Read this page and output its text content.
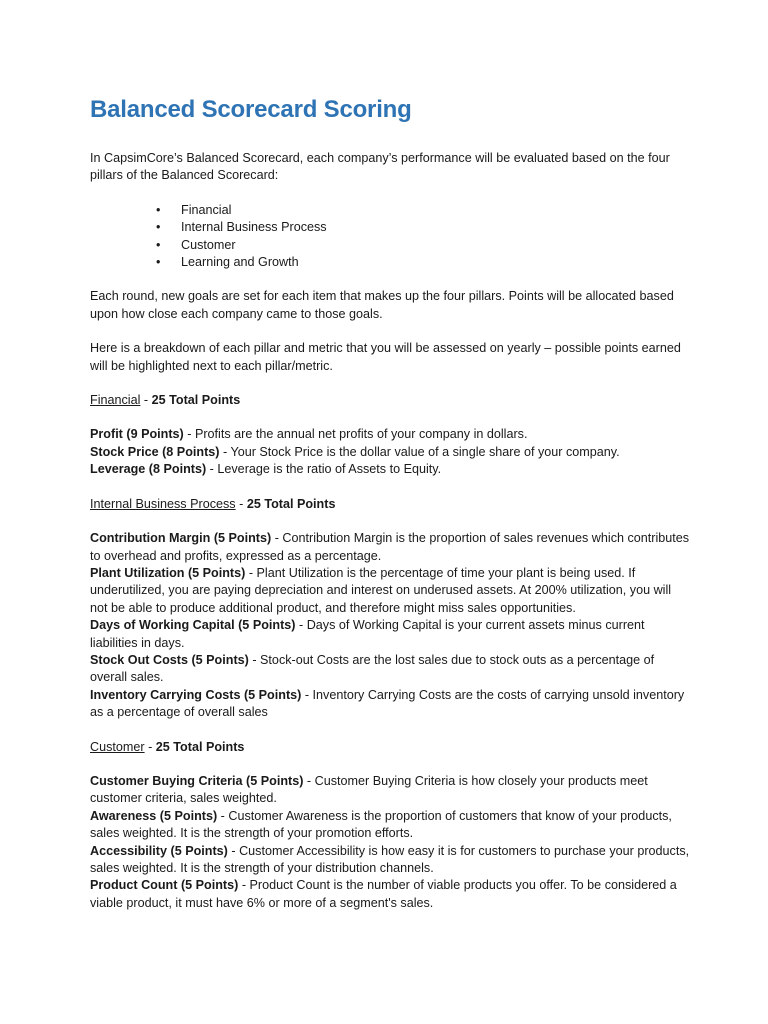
Balanced Scorecard Scoring

In CapsimCore’s Balanced Scorecard, each company’s performance will be evaluated based on the four pillars of the Balanced Scorecard:

• Financial
• Internal Business Process
• Customer
• Learning and Growth

Each round, new goals are set for each item that makes up the four pillars. Points will be allocated based upon how close each company came to those goals.

Here is a breakdown of each pillar and metric that you will be assessed on yearly – possible points earned will be highlighted next to each pillar/metric.

Financial - 25 Total Points

Profit (9 Points) - Profits are the annual net profits of your company in dollars.

Stock Price (8 Points) - Your Stock Price is the dollar value of a single share of your company.

Leverage (8 Points) - Leverage is the ratio of Assets to Equity.

Internal Business Process - 25 Total Points

Contribution Margin (5 Points) - Contribution Margin is the proportion of sales revenues which contributes to overhead and profits, expressed as a percentage.

Plant Utilization (5 Points) - Plant Utilization is the percentage of time your plant is being used. If underutilized, you are paying depreciation and interest on underused assets. At 200% utilization, you will not be able to produce additional product, and therefore might miss sales opportunities.

Days of Working Capital (5 Points) - Days of Working Capital is your current assets minus current liabilities in days.

Stock Out Costs (5 Points) - Stock-out Costs are the lost sales due to stock outs as a percentage of overall sales.

Inventory Carrying Costs (5 Points) - Inventory Carrying Costs are the costs of carrying unsold inventory as a percentage of overall sales

Customer - 25 Total Points

Customer Buying Criteria (5 Points) - Customer Buying Criteria is how closely your products meet customer criteria, sales weighted.

Awareness (5 Points) - Customer Awareness is the proportion of customers that know of your products, sales weighted. It is the strength of your promotion efforts.

Accessibility (5 Points) - Customer Accessibility is how easy it is for customers to purchase your products, sales weighted. It is the strength of your distribution channels.

Product Count (5 Points) - Product Count is the number of viable products you offer. To be considered a viable product, it must have 6% or more of a segment's sales.
